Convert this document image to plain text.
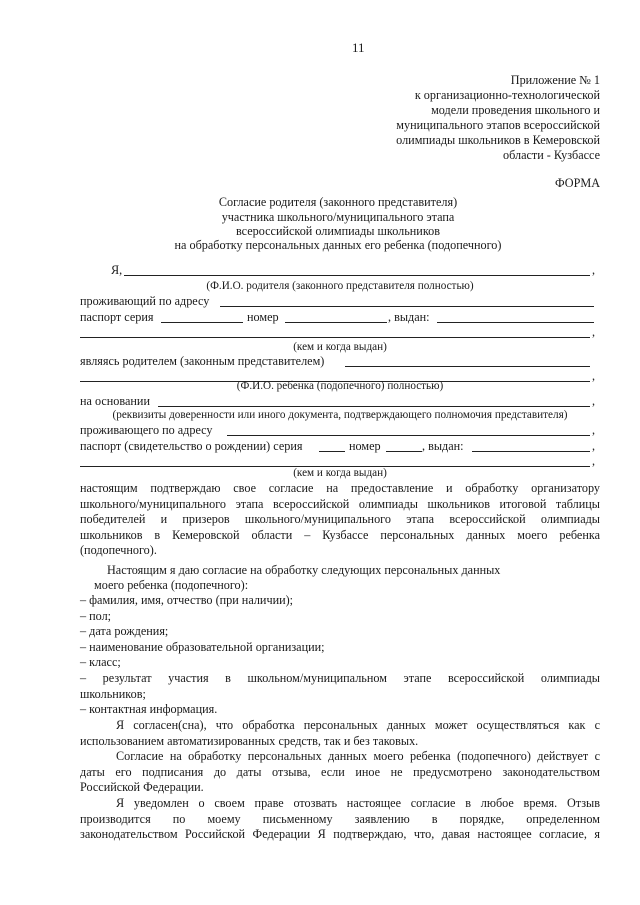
11
Приложение № 1
к организационно-технологической
модели проведения школьного и
муниципального этапов всероссийской
олимпиады школьников в Кемеровской
области - Кузбассе
ФОРМА
Согласие родителя (законного представителя)
участника школьного/муниципального этапа
всероссийской олимпиады школьников
на обработку персональных данных его ребенка (подопечного)
Я,	,
(Ф.И.О. родителя (законного представителя полностью)
проживающий по адресу
паспорт серия	номер	, выдан:
,
(кем и когда выдан)
являясь родителем (законным представителем)
,
(Ф.И.О. ребенка (подопечного) полностью)
на основании	,
(реквизиты доверенности или иного документа, подтверждающего полномочия представителя)
проживающего по адресу	,
паспорт (свидетельство о рождении) серия	номер	, выдан:	,
,
(кем и когда выдан)
настоящим подтверждаю свое согласие на предоставление и обработку организатору
школьного/муниципального этапа всероссийской олимпиады школьников итоговой таблицы
победителей и призеров школьного/муниципального этапа всероссийской олимпиады
школьников в Кемеровской области – Кузбассе персональных данных моего ребенка
(подопечного).
Настоящим я даю согласие на обработку следующих персональных данных
моего ребенка (подопечного):
– фамилия, имя, отчество (при наличии);
– пол;
– дата рождения;
– наименование образовательной организации;
– класс;
– результат участия в школьном/муниципальном этапе всероссийской олимпиады
школьников;
– контактная информация.
Я согласен(сна), что обработка персональных данных может осуществляться как с
использованием автоматизированных средств, так и без таковых.
Согласие на обработку персональных данных моего ребенка (подопечного) действует с
даты его подписания до даты отзыва, если иное не предусмотрено законодательством
Российской Федерации.
Я уведомлен о своем праве отозвать настоящее согласие в любое время. Отзыв
производится по моему письменному заявлению в порядке, определенном
законодательством Российской Федерации Я подтверждаю, что, давая настоящее согласие, я
